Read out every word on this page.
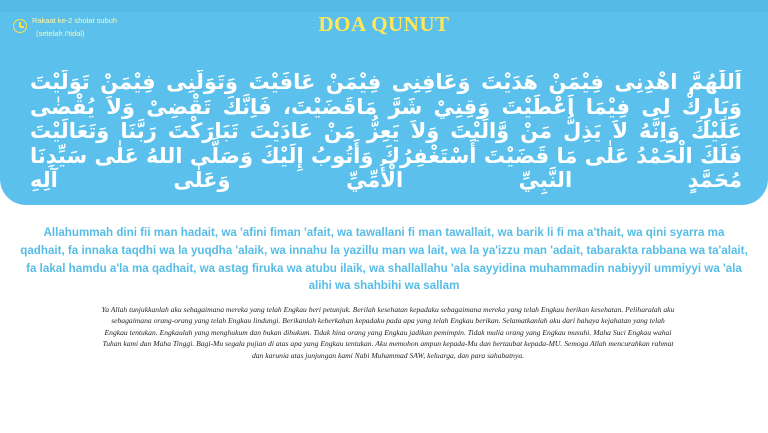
Rakaat ke-2 sholat subuh
(setelah I'tidal)	DOA QUNUT
اَللّٰهُمَّ اهْدِنِى فِيْمَنْ هَدَيْتَ وَعَافِنِى فِيْمَنْ عَافَيْتَ وَتَوَلَّنِى فِيْمَنْ تَوَلَّيْتَ وَبَارِكْ لِى فِيْمَا اَعْطَيْتَ وَقِنِيْ شَرَّ مَاقَضَيْتَ، فَاِنَّكَ تَقْضِىْ وَلاَ يُقْضٰى عَلَيْكَ وَاِنَّهُ لاَ يَذِلُّ مَنْ وَّالَيْتَ وَلاَ يَعِزُّ مَنْ عَادَيْتَ تَبَارَكْتَ رَبَّنَا وَتَعَالَيْتَ فَلَكَ الْحَمْدُ عَلٰى مَا قَضَيْتَ أَسْتَغْفِرُكَ وَأَتُوبُ إِلَيْكَ وَصَلَّى اللهُ عَلٰى سَيِّدِنَا مُحَمَّدٍ النَّبِيِّ الْأُمِّيِّ وَعَلٰى آلِهِ
Allahummah dini fii man hadait, wa 'afini fiman 'afait, wa tawallani fi man tawallait, wa barik li fi ma a'thait, wa qini syarra ma qadhait, fa innaka taqdhi wa la yuqdha 'alaik, wa innahu la yazillu man wa lait, wa la ya'izzu man 'adait, tabarakta rabbana wa ta'alait, fa lakal hamdu a'la ma qadhait, wa astag firuka wa atubu ilaik, wa shallallahu 'ala sayyidina muhammadin nabiyyil ummiyyi wa 'ala alihi wa shahbihi wa sallam
Ya Allah tunjukkanlah aku sebagaimana mereka yang telah Engkau beri petunjuk. Berilah kesehatan kepadaku sebagaimana mereka yang telah Engkau berikan kesehatan. Peliharalah aku sebagaimana orang-orang yang telah Engkau lindungi. Berikanlah keberkahan kepadaku pada apa yang telah Engkau berikan. Selamatkanlah aku dari bahaya kejahatan yang telah Engkau tentukan. Engkaulah yang menghukum dan bukan dihukum. Tidak hina orang yang Engkau jadikan pemimpin. Tidak mulia orang yang Engkau musuhi. Maha Suci Engkau wahai Tuhan kami dan Maha Tinggi. Bagi-Mu segala pujian di atas apa yang Engkau tentukan. Aku memohon ampun kepada-Mu dan bertaubat kepada-MU. Semoga Allah mencurahkan rahmat dan karunia atas junjungan kami Nabi Muhammad SAW, keluarga, dan para sahabatnya.
